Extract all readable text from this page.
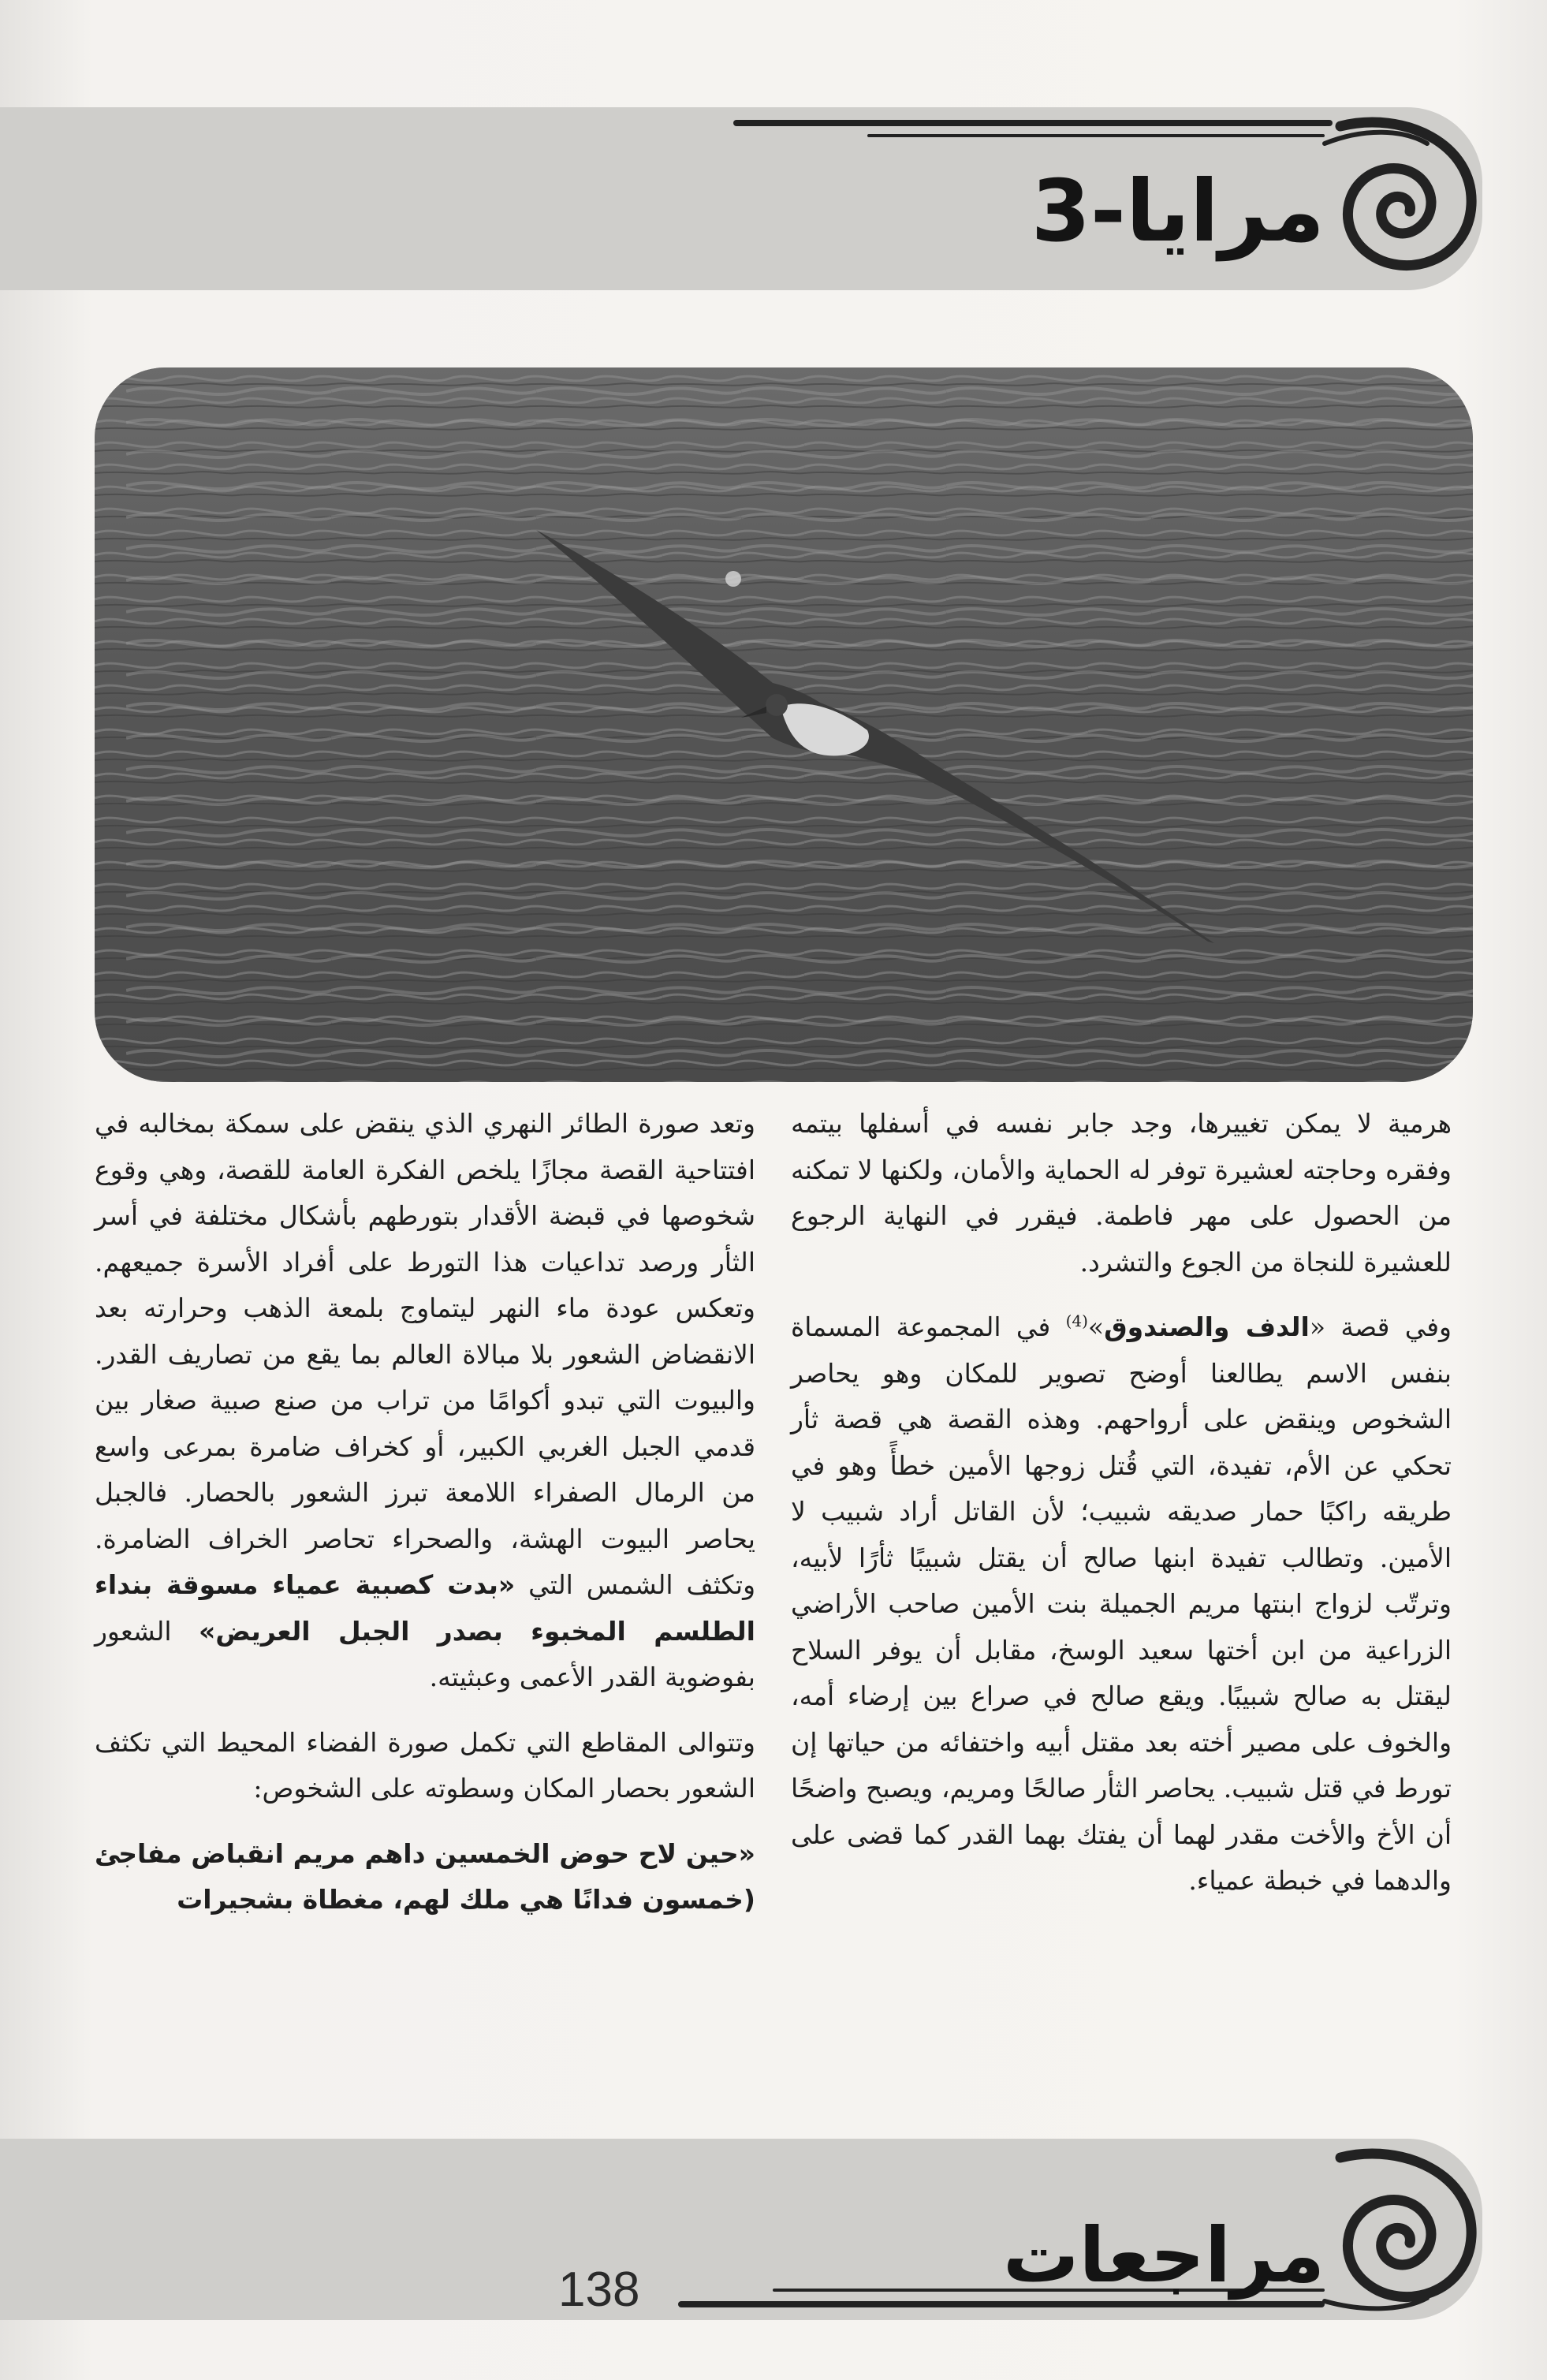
مرايا-3

هرمية لا يمكن تغييرها، وجد جابر نفسه في أسفلها بيتمه وفقره وحاجته لعشيرة توفر له الحماية والأمان، ولكنها لا تمكنه من الحصول على مهر فاطمة. فيقرر في النهاية الرجوع للعشيرة للنجاة من الجوع والتشرد.

وفي قصة «الدف والصندوق»$^{(4)}$ في المجموعة المسماة بنفس الاسم يطالعنا أوضح تصوير للمكان وهو يحاصر الشخوص وينقض على أرواحهم. وهذه القصة هي قصة ثأر تحكي عن الأم، تفيدة، التي قُتل زوجها الأمين خطأً وهو في طريقه راكبًا حمار صديقه شبيب؛ لأن القاتل أراد شبيب لا الأمين. وتطالب تفيدة ابنها صالح أن يقتل شبيبًا ثأرًا لأبيه، وترتّب لزواج ابنتها مريم الجميلة بنت الأمين صاحب الأراضي الزراعية من ابن أختها سعيد الوسخ، مقابل أن يوفر السلاح ليقتل به صالح شبيبًا. ويقع صالح في صراع بين إرضاء أمه، والخوف على مصير أخته بعد مقتل أبيه واختفائه من حياتها إن تورط في قتل شبيب. يحاصر الثأر صالحًا ومريم، ويصبح واضحًا أن الأخ والأخت مقدر لهما أن يفتك بهما القدر كما قضى على والدهما في خبطة عمياء.

وتعد صورة الطائر النهري الذي ينقض على سمكة بمخالبه في افتتاحية القصة مجازًا يلخص الفكرة العامة للقصة، وهي وقوع شخوصها في قبضة الأقدار بتورطهم بأشكال مختلفة في أسر الثأر ورصد تداعيات هذا التورط على أفراد الأسرة جميعهم. وتعكس عودة ماء النهر ليتماوج بلمعة الذهب وحرارته بعد الانقضاض الشعور بلا مبالاة العالم بما يقع من تصاريف القدر. والبيوت التي تبدو أكوامًا من تراب من صنع صبية صغار بين قدمي الجبل الغربي الكبير، أو كخراف ضامرة بمرعى واسع من الرمال الصفراء اللامعة تبرز الشعور بالحصار. فالجبل يحاصر البيوت الهشة، والصحراء تحاصر الخراف الضامرة. وتكثف الشمس التي «بدت كصبية عمياء مسوقة بنداء الطلسم المخبوء بصدر الجبل العريض» الشعور بفوضوية القدر الأعمى وعبثيته.

وتتوالى المقاطع التي تكمل صورة الفضاء المحيط التي تكثف الشعور بحصار المكان وسطوته على الشخوص:

«حين لاح حوض الخمسين داهم مريم انقباض مفاجئ (خمسون فدانًا هي ملك لهم، مغطاة بشجيرات

مراجعات
138
